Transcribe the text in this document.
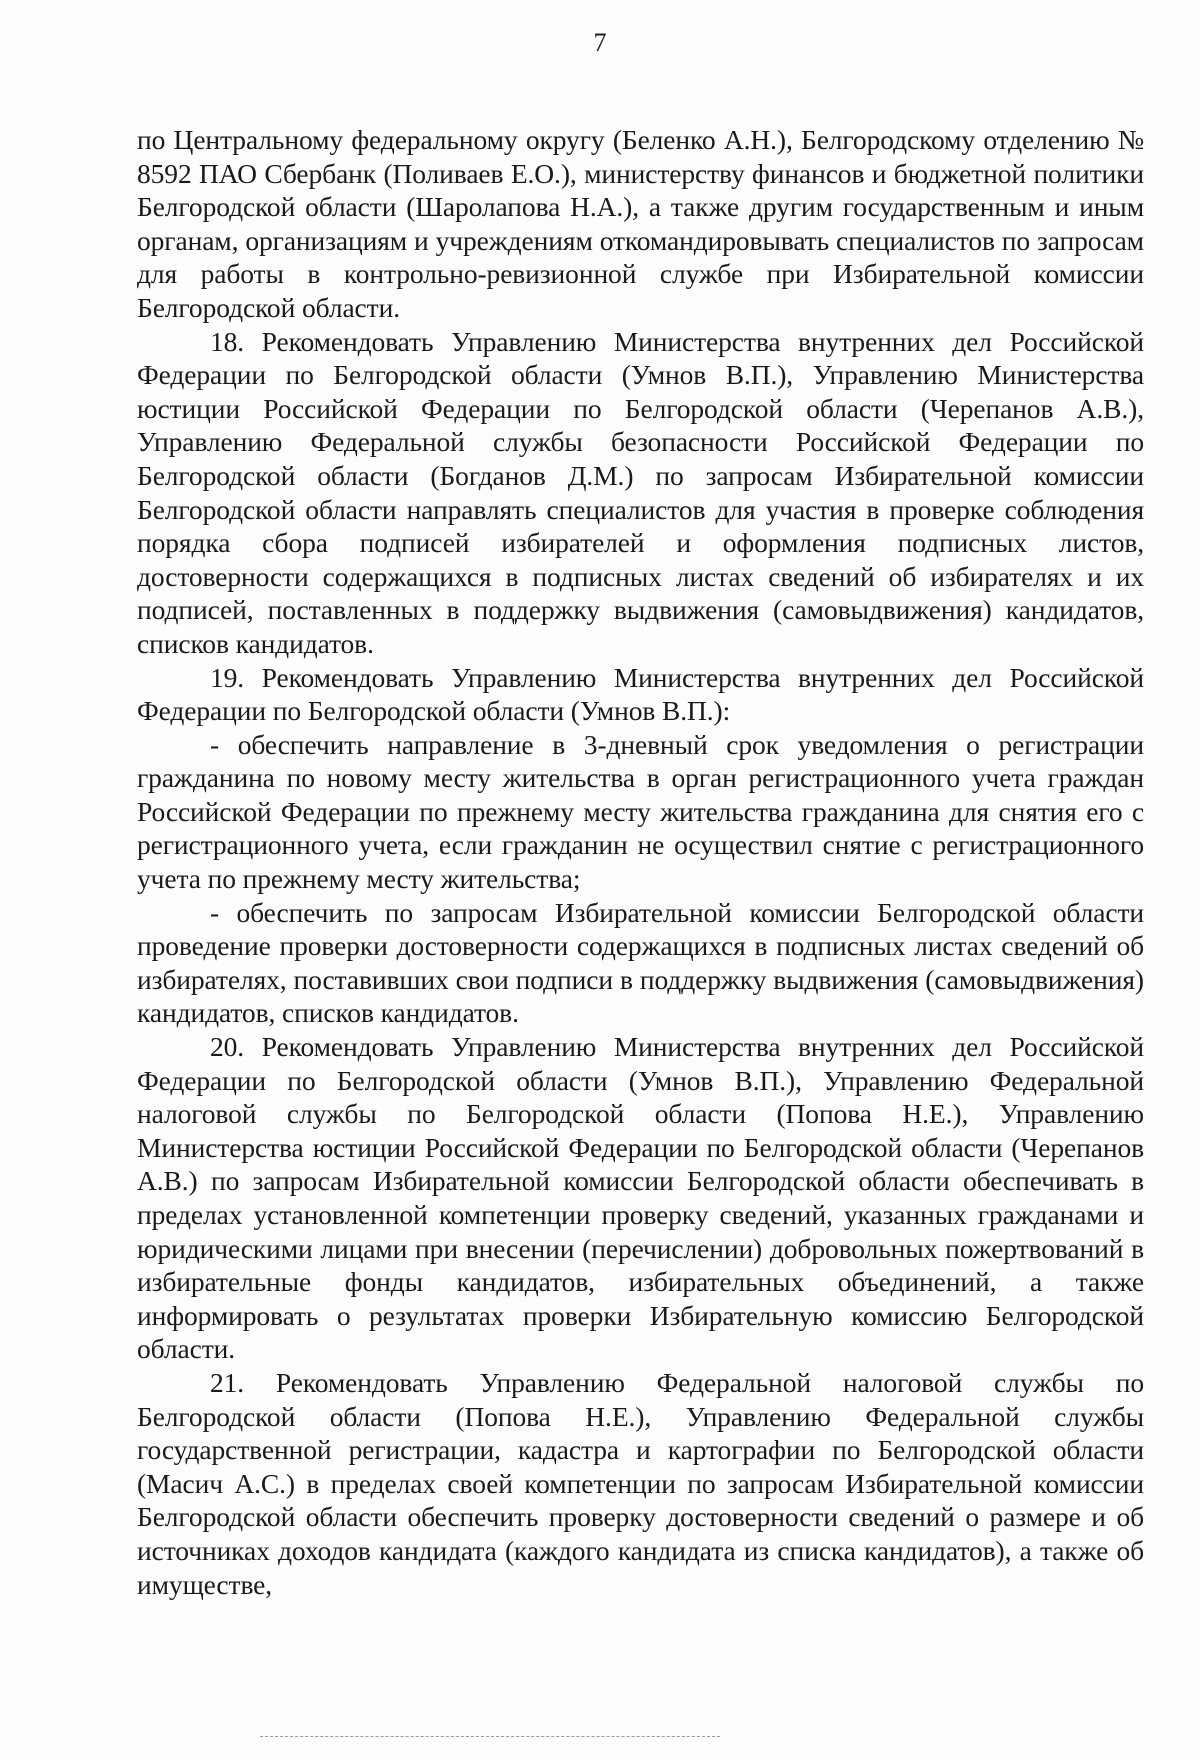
7

по Центральному федеральному округу (Беленко А.Н.), Белгородскому отделению № 8592 ПАО Сбербанк (Поливаев Е.О.), министерству финансов и бюджетной политики Белгородской области (Шаролапова Н.А.), а также другим государственным и иным органам, организациям и учреждениям откомандировывать специалистов по запросам для работы в контрольно-ревизионной службе при Избирательной комиссии Белгородской области.

18. Рекомендовать Управлению Министерства внутренних дел Российской Федерации по Белгородской области (Умнов В.П.), Управлению Министерства юстиции Российской Федерации по Белгородской области (Черепанов А.В.), Управлению Федеральной службы безопасности Российской Федерации по Белгородской области (Богданов Д.М.) по запросам Избирательной комиссии Белгородской области направлять специалистов для участия в проверке соблюдения порядка сбора подписей избирателей и оформления подписных листов, достоверности содержащихся в подписных листах сведений об избирателях и их подписей, поставленных в поддержку выдвижения (самовыдвижения) кандидатов, списков кандидатов.

19. Рекомендовать Управлению Министерства внутренних дел Российской Федерации по Белгородской области (Умнов В.П.):

- обеспечить направление в 3-дневный срок уведомления о регистрации гражданина по новому месту жительства в орган регистрационного учета граждан Российской Федерации по прежнему месту жительства гражданина для снятия его с регистрационного учета, если гражданин не осуществил снятие с регистрационного учета по прежнему месту жительства;

- обеспечить по запросам Избирательной комиссии Белгородской области проведение проверки достоверности содержащихся в подписных листах сведений об избирателях, поставивших свои подписи в поддержку выдвижения (самовыдвижения) кандидатов, списков кандидатов.

20. Рекомендовать Управлению Министерства внутренних дел Российской Федерации по Белгородской области (Умнов В.П.), Управлению Федеральной налоговой службы по Белгородской области (Попова Н.Е.), Управлению Министерства юстиции Российской Федерации по Белгородской области (Черепанов А.В.) по запросам Избирательной комиссии Белгородской области обеспечивать в пределах установленной компетенции проверку сведений, указанных гражданами и юридическими лицами при внесении (перечислении) добровольных пожертвований в избирательные фонды кандидатов, избирательных объединений, а также информировать о результатах проверки Избирательную комиссию Белгородской области.

21. Рекомендовать Управлению Федеральной налоговой службы по Белгородской области (Попова Н.Е.), Управлению Федеральной службы государственной регистрации, кадастра и картографии по Белгородской области (Масич А.С.) в пределах своей компетенции по запросам Избирательной комиссии Белгородской области обеспечить проверку достоверности сведений о размере и об источниках доходов кандидата (каждого кандидата из списка кандидатов), а также об имуществе,
